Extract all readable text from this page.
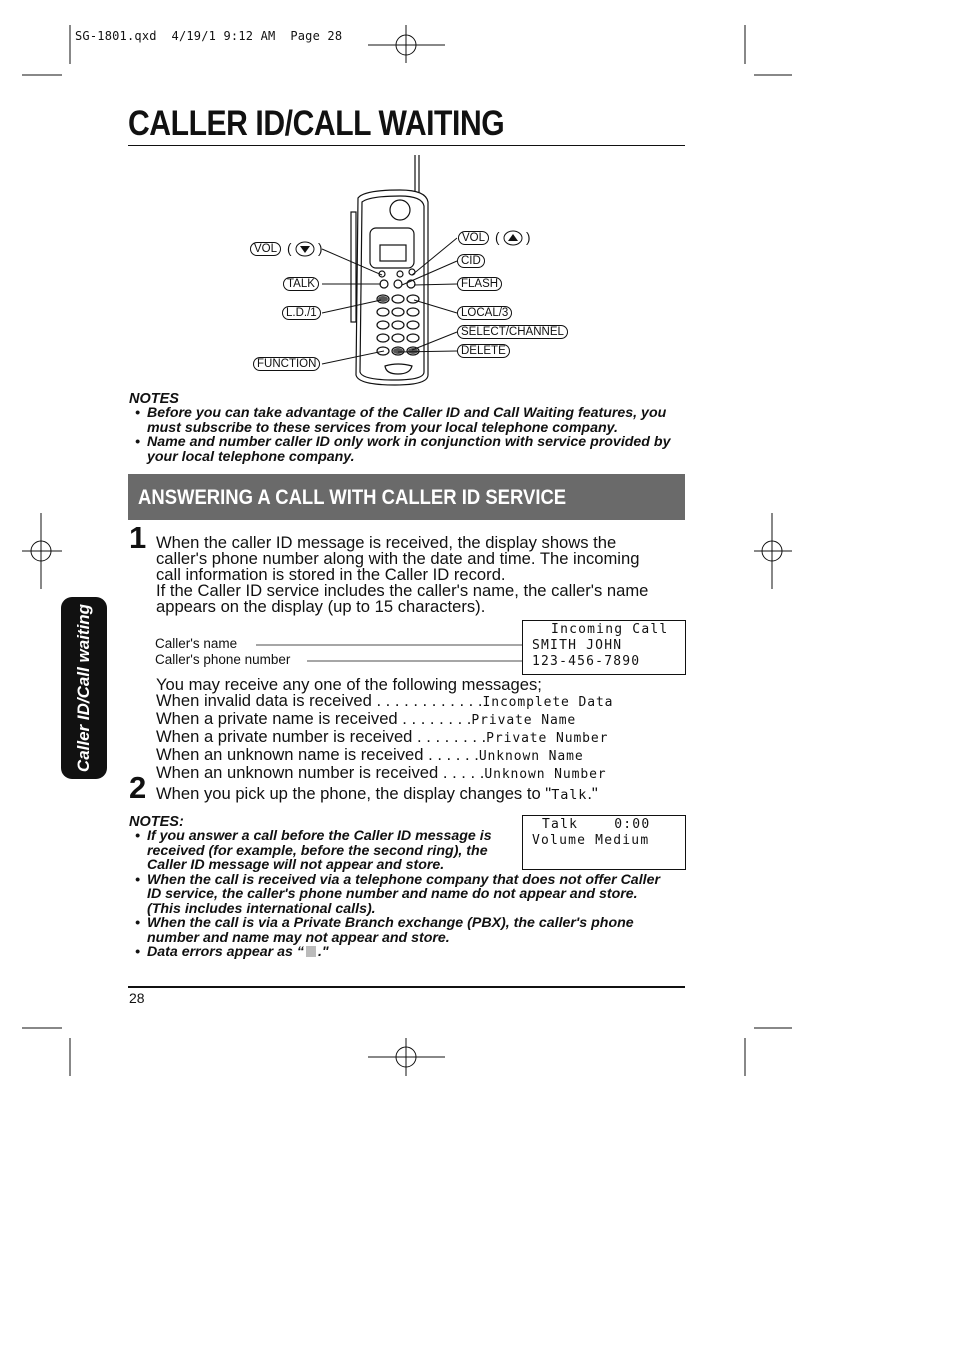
SG-1801.qxd  4/19/1 9:12 AM  Page 28
CALLER ID/CALL WAITING
VOL ( )
TALK
L.D./1
FUNCTION
VOL ( )
CID
FLASH
LOCAL/3
SELECT/CHANNEL
DELETE
NOTES
• Before you can take advantage of the Caller ID and Call Waiting features, you
must subscribe to these services from your local telephone company.
• Name and number caller ID only work in conjunction with service provided by
your local telephone company.
ANSWERING A CALL WITH CALLER ID SERVICE
Caller ID/Call waiting
1 When the caller ID message is received, the display shows the
caller's phone number along with the date and time. The incoming
call information is stored in the Caller ID record.
If the Caller ID service includes the caller's name, the caller's name
appears on the display (up to 15 characters).
Caller's name
Caller's phone number
Incoming Call
SMITH JOHN
123-456-7890
You may receive any one of the following messages;
When invalid data is received . . . . . . . . . . . .Incomplete Data
When a private name is received . . . . . . . .Private Name
When a private number is received . . . . . . . .Private Number
When an unknown name is received . . . . . .Unknown Name
When an unknown number is received . . . . .Unknown Number
2 When you pick up the phone, the display changes to "Talk."
Talk    0:00
Volume Medium
NOTES:
• If you answer a call before the Caller ID message is
received (for example, before the second ring), the
Caller ID message will not appear and store.
• When the call is received via a telephone company that does not offer Caller
ID service, the caller's phone number and name do not appear and store.
(This includes international calls).
• When the call is via a Private Branch exchange (PBX), the caller's phone
number and name may not appear and store.
• Data errors appear as “ ."
28
